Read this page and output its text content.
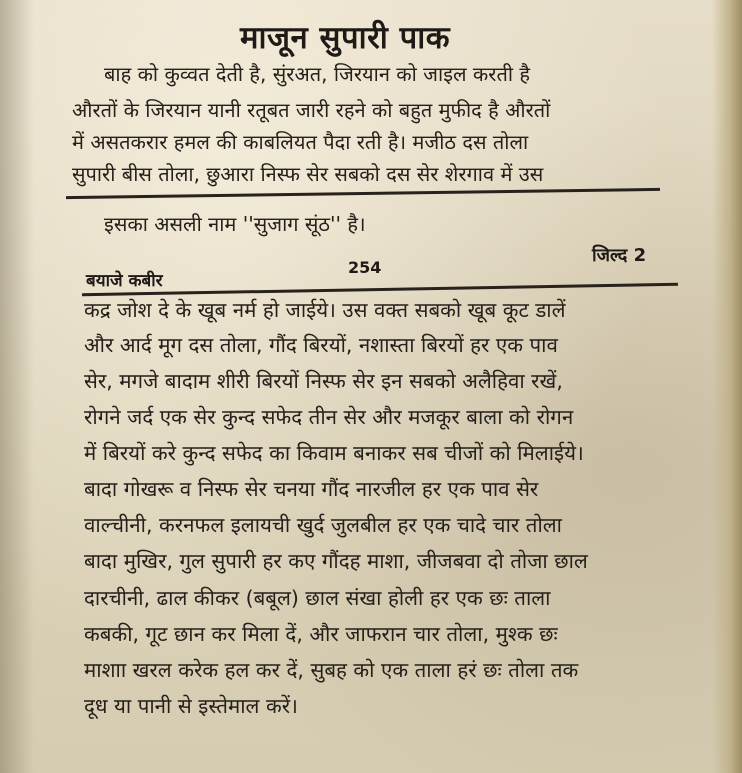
माजून सुपारी पाक
बाह को कुव्वत देती है, सुंरअत, जिरयान को जाइल करती है
औरतों के जिरयान यानी रतूबत जारी रहने को बहुत मुफीद है औरतों
में असतकरार हमल की काबलियत पैदा रती है। मजीठ दस तोला
सुपारी बीस तोला, छुआरा निस्फ सेर सबको दस सेर शेरगाव में उस
इसका असली नाम ''सुजाग सूंठ'' है।
बयाजे कबीर
254
जिल्द 2
कद्र जोश दे के खूब नर्म हो जाईये। उस वक्त सबको खूब कूट डालें
और आर्द मूग दस तोला, गौंद बिरयों, नशास्ता बिरयों हर एक पाव
सेर, मगजे बादाम शीरी बिरयों निस्फ सेर इन सबको अलैहिवा रखें,
रोगने जर्द एक सेर कुन्द सफेद तीन सेर और मजकूर बाला को रोगन
में बिरयों करे कुन्द सफेद का किवाम बनाकर सब चीजों को मिलाईये।
बादा गोखरू व निस्फ सेर चनया गौंद नारजील हर एक पाव सेर
वाल्चीनी, करनफल इलायची खुर्द जुलबील हर एक चादे चार तोला
बादा मुखिर, गुल सुपारी हर कए गौंदह माशा, जीजबवा दो तोजा छाल
दारचीनी, ढाल कीकर (बबूल) छाल संखा होली हर एक छः ताला
कबकी, गूट छान कर मिला दें, और जाफरान चार तोला, मुश्क छः
माशाा खरल करेक हल कर दें, सुबह को एक ताला हरं छः तोला तक
दूध या पानी से इस्तेमाल करें।
